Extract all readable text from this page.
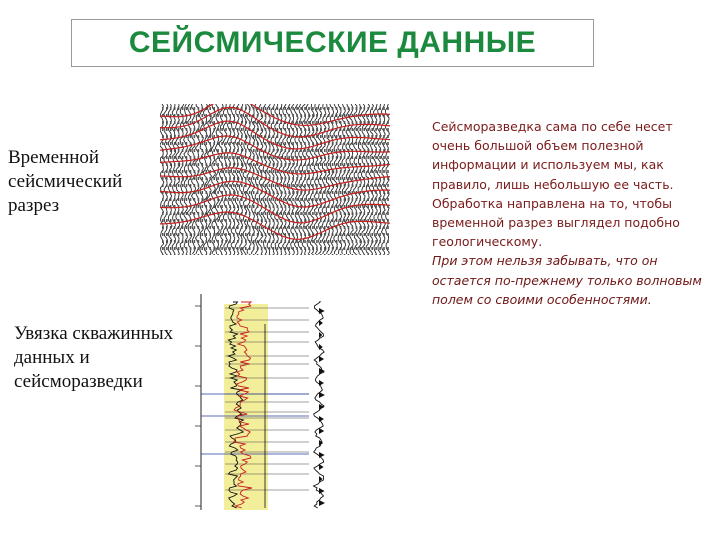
СЕЙСМИЧЕСКИЕ ДАННЫЕ
Временной сейсмический разрез
Увязка скважинных данных и сейсморазведки
Сейсморазведка сама по себе несет очень большой объем полезной информации и используем мы, как правило, лишь небольшую ее часть. Обработка направлена на то, чтобы временной разрез выглядел подобно геологическому.
При этом нельзя забывать, что он остается по-прежнему только волновым полем со своими особенностями.
